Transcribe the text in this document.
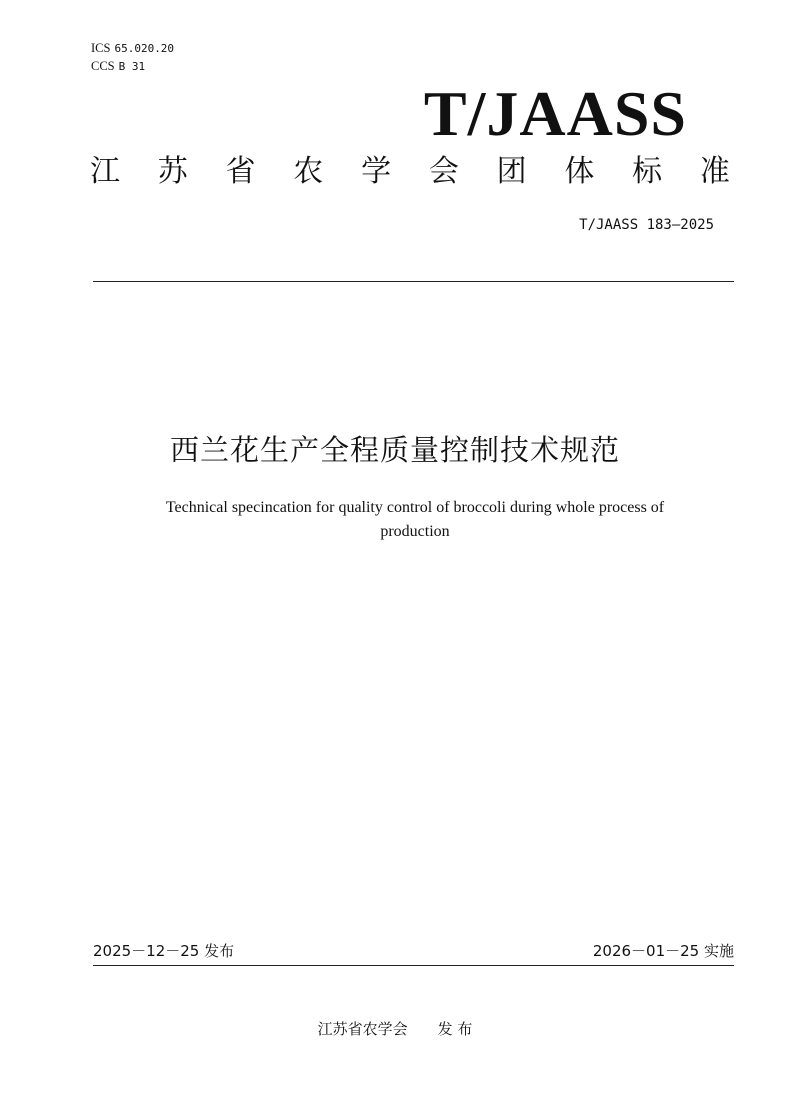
ICS 65.020.20
CCS B 31
T/JAASS
江 苏 省 农 学 会 团 体 标 准
T/JAASS 183—2025
西兰花生产全程质量控制技术规范
Technical specincation for quality control of broccoli during whole process of
production
2025－12－25 发布	2026－01－25 实施
江苏省农学会 发 布
